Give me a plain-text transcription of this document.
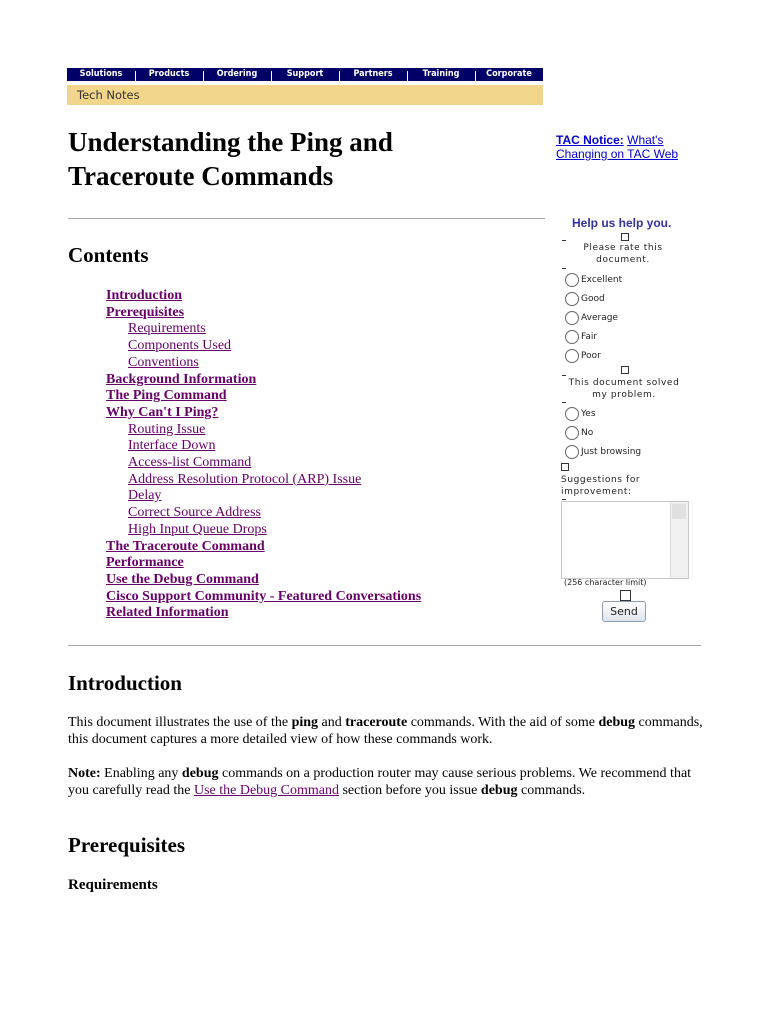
Solutions	Products	Ordering	Support	Partners	Training	Corporate
Tech Notes
Understanding the Ping and Traceroute Commands
TAC Notice: What's Changing on TAC Web
Contents
Introduction
Prerequisites
Requirements
Components Used
Conventions
Background Information
The Ping Command
Why Can't I Ping?
Routing Issue
Interface Down
Access-list Command
Address Resolution Protocol (ARP) Issue
Delay
Correct Source Address
High Input Queue Drops
The Traceroute Command
Performance
Use the Debug Command
Cisco Support Community - Featured Conversations
Related Information
Help us help you.
Please rate this document.
Excellent
Good
Average
Fair
Poor
This document solved my problem.
Yes
No
Just browsing
Suggestions for improvement:
(256 character limit)
Send
Introduction

This document illustrates the use of the ping and traceroute commands. With the aid of some debug commands, this document captures a more detailed view of how these commands work.

Note: Enabling any debug commands on a production router may cause serious problems. We recommend that you carefully read the Use the Debug Command section before you issue debug commands.

Prerequisites
Requirements
